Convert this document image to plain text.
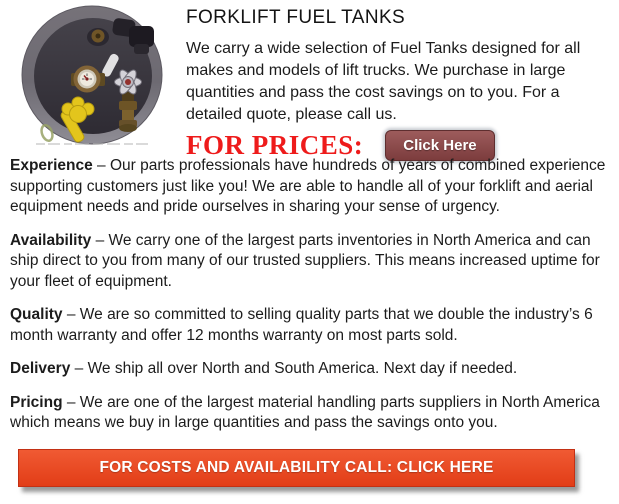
FORKLIFT FUEL TANKS

We carry a wide selection of Fuel Tanks designed for all makes and models of lift trucks. We purchase in large quantities and pass the cost savings on to you. For a detailed quote, please call us.

FOR PRICES:	Click Here

Experience – Our parts professionals have hundreds of years of combined experience supporting customers just like you! We are able to handle all of your forklift and aerial equipment needs and pride ourselves in sharing your sense of urgency.

Availability – We carry one of the largest parts inventories in North America and can ship direct to you from many of our trusted suppliers. This means increased uptime for your fleet of equipment.

Quality – We are so committed to selling quality parts that we double the industry’s 6 month warranty and offer 12 months warranty on most parts sold.

Delivery – We ship all over North and South America. Next day if needed.

Pricing – We are one of the largest material handling parts suppliers in North America which means we buy in large quantities and pass the savings onto you.

FOR COSTS AND AVAILABILITY CALL: CLICK HERE
